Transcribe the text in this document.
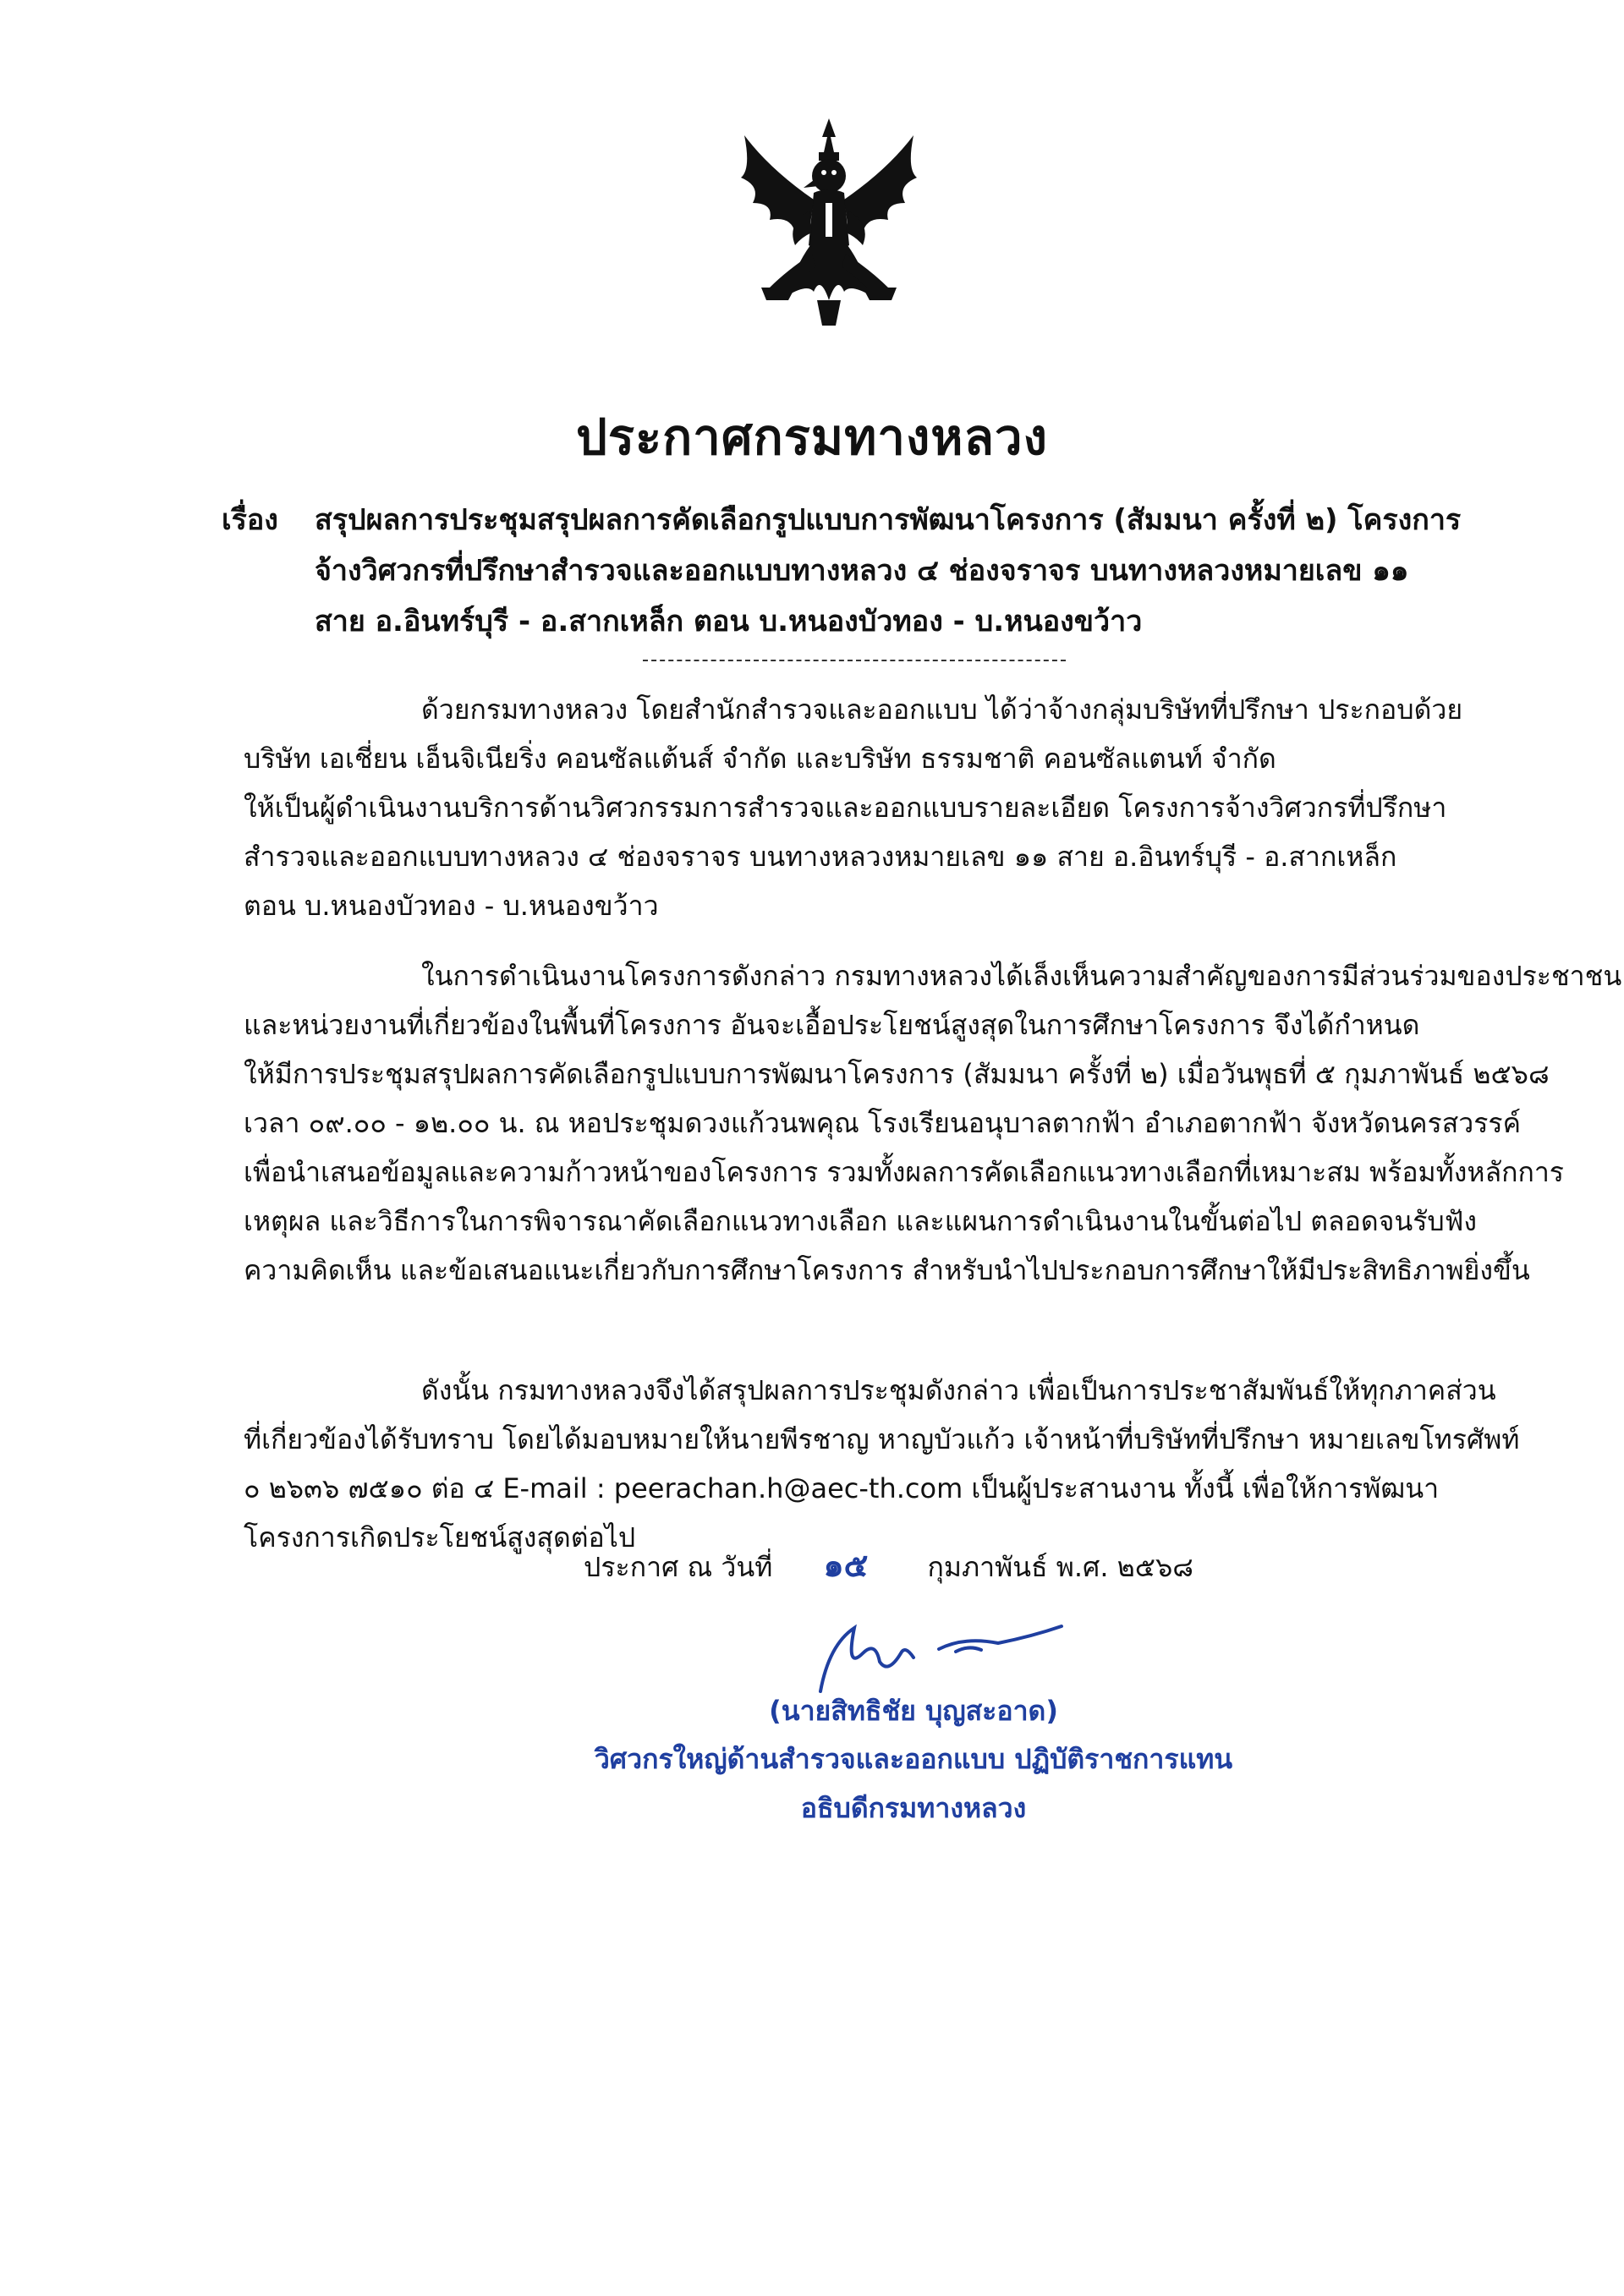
ประกาศกรมทางหลวง
เรื่อง สรุปผลการประชุมสรุปผลการคัดเลือกรูปแบบการพัฒนาโครงการ (สัมมนา ครั้งที่ ๒) โครงการ
จ้างวิศวกรที่ปรึกษาสำรวจและออกแบบทางหลวง ๔ ช่องจราจร บนทางหลวงหมายเลข ๑๑
สาย อ.อินทร์บุรี - อ.สากเหล็ก ตอน บ.หนองบัวทอง - บ.หนองขว้าว
ด้วยกรมทางหลวง โดยสำนักสำรวจและออกแบบ ได้ว่าจ้างกลุ่มบริษัทที่ปรึกษา ประกอบด้วย
บริษัท เอเชี่ยน เอ็นจิเนียริ่ง คอนซัลแต้นส์ จำกัด และบริษัท ธรรมชาติ คอนซัลแตนท์ จำกัด
ให้เป็นผู้ดำเนินงานบริการด้านวิศวกรรมการสำรวจและออกแบบรายละเอียด โครงการจ้างวิศวกรที่ปรึกษา
สำรวจและออกแบบทางหลวง ๔ ช่องจราจร บนทางหลวงหมายเลข ๑๑ สาย อ.อินทร์บุรี - อ.สากเหล็ก
ตอน บ.หนองบัวทอง - บ.หนองขว้าว
ในการดำเนินงานโครงการดังกล่าว กรมทางหลวงได้เล็งเห็นความสำคัญของการมีส่วนร่วมของประชาชน
และหน่วยงานที่เกี่ยวข้องในพื้นที่โครงการ อันจะเอื้อประโยชน์สูงสุดในการศึกษาโครงการ จึงได้กำหนด
ให้มีการประชุมสรุปผลการคัดเลือกรูปแบบการพัฒนาโครงการ (สัมมนา ครั้งที่ ๒) เมื่อวันพุธที่ ๕ กุมภาพันธ์ ๒๕๖๘
เวลา ๐๙.๐๐ - ๑๒.๐๐ น. ณ หอประชุมดวงแก้วนพคุณ โรงเรียนอนุบาลตากฟ้า อำเภอตากฟ้า จังหวัดนครสวรรค์
เพื่อนำเสนอข้อมูลและความก้าวหน้าของโครงการ รวมทั้งผลการคัดเลือกแนวทางเลือกที่เหมาะสม พร้อมทั้งหลักการ
เหตุผล และวิธีการในการพิจารณาคัดเลือกแนวทางเลือก และแผนการดำเนินงานในขั้นต่อไป ตลอดจนรับฟัง
ความคิดเห็น และข้อเสนอแนะเกี่ยวกับการศึกษาโครงการ สำหรับนำไปประกอบการศึกษาให้มีประสิทธิภาพยิ่งขึ้น
ดังนั้น กรมทางหลวงจึงได้สรุปผลการประชุมดังกล่าว เพื่อเป็นการประชาสัมพันธ์ให้ทุกภาคส่วน
ที่เกี่ยวข้องได้รับทราบ โดยได้มอบหมายให้นายพีรชาญ หาญบัวแก้ว เจ้าหน้าที่บริษัทที่ปรึกษา หมายเลขโทรศัพท์
๐ ๒๖๓๖ ๗๕๑๐ ต่อ ๔ E-mail : peerachan.h@aec-th.com เป็นผู้ประสานงาน ทั้งนี้ เพื่อให้การพัฒนา
โครงการเกิดประโยชน์สูงสุดต่อไป
ประกาศ ณ วันที่ ๑๕ กุมภาพันธ์ พ.ศ. ๒๕๖๘
(นายสิทธิชัย บุญสะอาด)
วิศวกรใหญ่ด้านสำรวจและออกแบบ ปฏิบัติราชการแทน
อธิบดีกรมทางหลวง
